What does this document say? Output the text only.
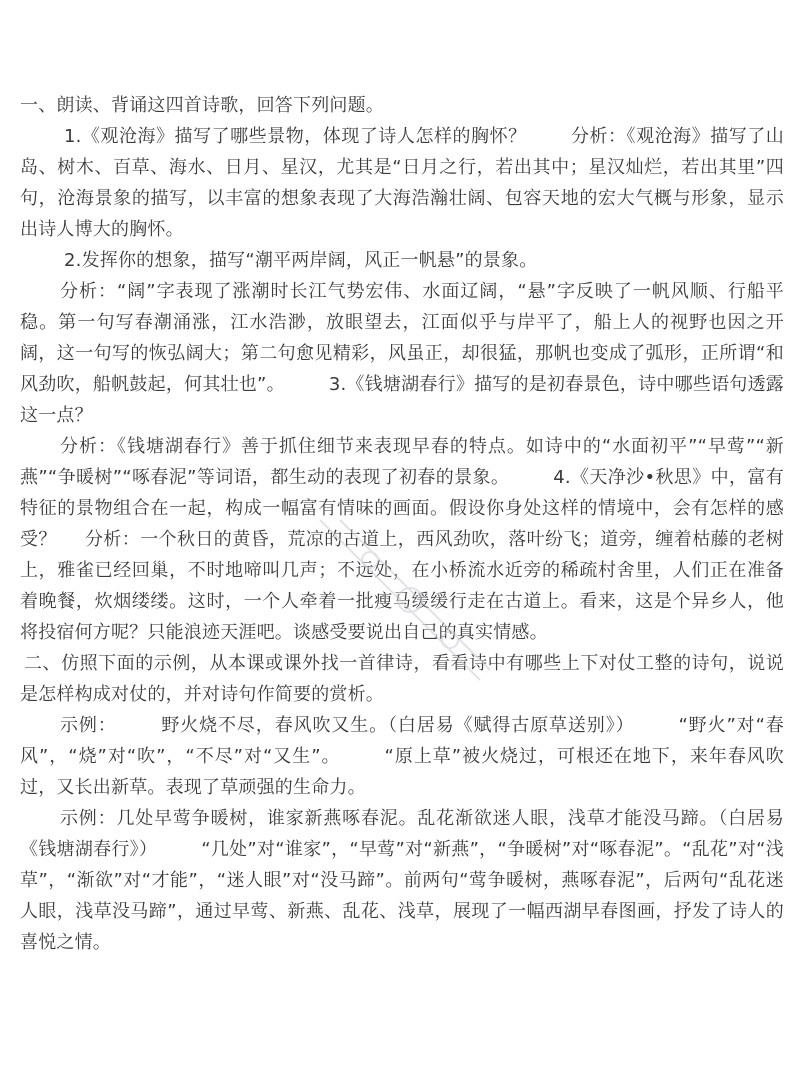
一、朗读、背诵这四首诗歌，回答下列问题。

1.《观沧海》描写了哪些景物，体现了诗人怎样的胸怀？ 分析：《观沧海》描写了山岛、树木、百草、海水、日月、星汉，尤其是“日月之行，若出其中；星汉灿烂，若出其里”四句，沧海景象的描写，以丰富的想象表现了大海浩瀚壮阔、包容天地的宏大气概与形象，显示出诗人博大的胸怀。

2.发挥你的想象，描写“潮平两岸阔，风正一帆悬”的景象。

分析：“阔”字表现了涨潮时长江气势宏伟、水面辽阔，“悬”字反映了一帆风顺、行船平稳。第一句写春潮涌涨，江水浩渺，放眼望去，江面似乎与岸平了，船上人的视野也因之开阔，这一句写的恢弘阔大；第二句愈见精彩，风虽正，却很猛，那帆也变成了弧形，正所谓“和风劲吹，船帆鼓起，何其壮也”。 3.《钱塘湖春行》描写的是初春景色，诗中哪些语句透露这一点？

分析：《钱塘湖春行》善于抓住细节来表现早春的特点。如诗中的“水面初平”“早莺”“新燕”“争暖树”“啄春泥”等词语，都生动的表现了初春的景象。 4.《天净沙•秋思》中，富有特征的景物组合在一起，构成一幅富有情味的画面。假设你身处这样的情境中，会有怎样的感受？ 分析：一个秋日的黄昏，荒凉的古道上，西风劲吹，落叶纷飞；道旁，缠着枯藤的老树上，雅雀已经回巢，不时地啼叫几声；不远处，在小桥流水近旁的稀疏村舍里，人们正在准备着晚餐，炊烟缕缕。这时，一个人牵着一批瘦马缓缓行走在古道上。看来，这是个异乡人，他将投宿何方呢？只能浪迹天涯吧。谈感受要说出自己的真实情感。

二、仿照下面的示例，从本课或课外找一首律诗，看看诗中有哪些上下对仗工整的诗句，说说是怎样构成对仗的，并对诗句作简要的赏析。

示例： 野火烧不尽，春风吹又生。（白居易《赋得古原草送别》） “野火”对“春风”，“烧”对“吹”，“不尽”对“又生”。 “原上草”被火烧过，可根还在地下，来年春风吹过，又长出新草。表现了草顽强的生命力。

示例：几处早莺争暖树，谁家新燕啄春泥。乱花渐欲迷人眼，浅草才能没马蹄。（白居易《钱塘湖春行》） “几处”对“谁家”，“早莺”对“新燕”，“争暖树”对“啄春泥”。“乱花”对“浅草”，“渐欲”对“才能”，“迷人眼”对“没马蹄”。前两句“莺争暖树，燕啄春泥”，后两句“乱花迷人眼，浅草没马蹄”，通过早莺、新燕、乱花、浅草，展现了一幅西湖早春图画，抒发了诗人的喜悦之情。
